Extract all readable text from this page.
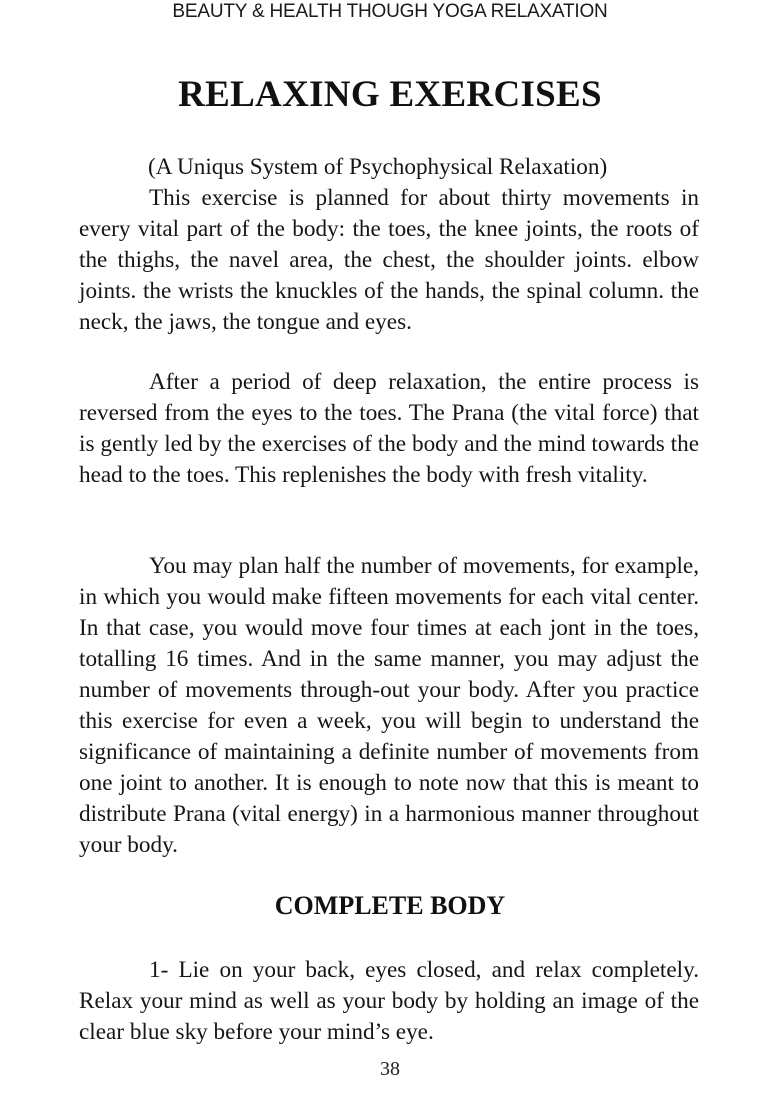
BEAUTY & HEALTH THOUGH YOGA RELAXATION
RELAXING EXERCISES
(A Uniqus System of Psychophysical Relaxation)

This exercise is planned for about thirty movements in every vital part of the body: the toes, the knee joints, the roots of the thighs, the navel area, the chest, the shoulder joints. elbow joints. the wrists the knuckles of the hands, the spinal column. the neck, the jaws, the tongue and eyes.

After a period of deep relaxation, the entire process is reversed from the eyes to the toes. The Prana (the vital force) that is gently led by the exercises of the body and the mind towards the head to the toes. This replenishes the body with fresh vitality.

You may plan half the number of movements, for example, in which you would make fifteen movements for each vital center. In that case, you would move four times at each jont in the toes, totalling 16 times. And in the same manner, you may adjust the number of movements through-out your body. After you practice this exercise for even a week, you will begin to understand the significance of maintaining a definite number of movements from one joint to another. It is enough to note now that this is meant to distribute Prana (vital energy) in a harmonious manner throughout your body.

COMPLETE BODY

1- Lie on your back, eyes closed, and relax completely. Relax your mind as well as your body by holding an image of the clear blue sky before your mind’s eye.

38
